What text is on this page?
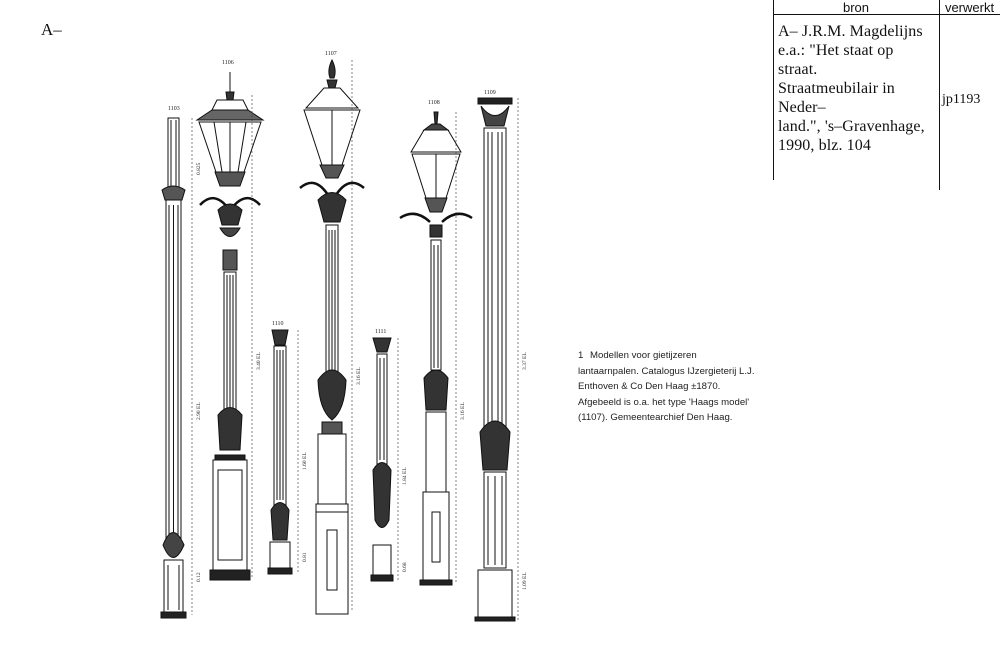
A–
bron	verwerkt
A– J.R.M. Magdelijns
e.a.: "Het staat op straat.
Straatmeubilair in Neder–
land.", 's–Gravenhage,
1990, blz. 104
jp1193
1 Modellen voor gietijzeren lantaarnpalen. Catalogus IJzergieterij L.J. Enthoven & Co Den Haag ±1870. Afgebeeld is o.a. het type 'Haags model' (1107). Gemeentearchief Den Haag.
1103
1106
1107
1110
1111
1108
1109
0.825
2.90 EL
0.12
3.40 EL
3.16 EL
1.60 EL
0.81
1.84 EL
0.68
3.16 EL
3.37 EL
1.09 EL
